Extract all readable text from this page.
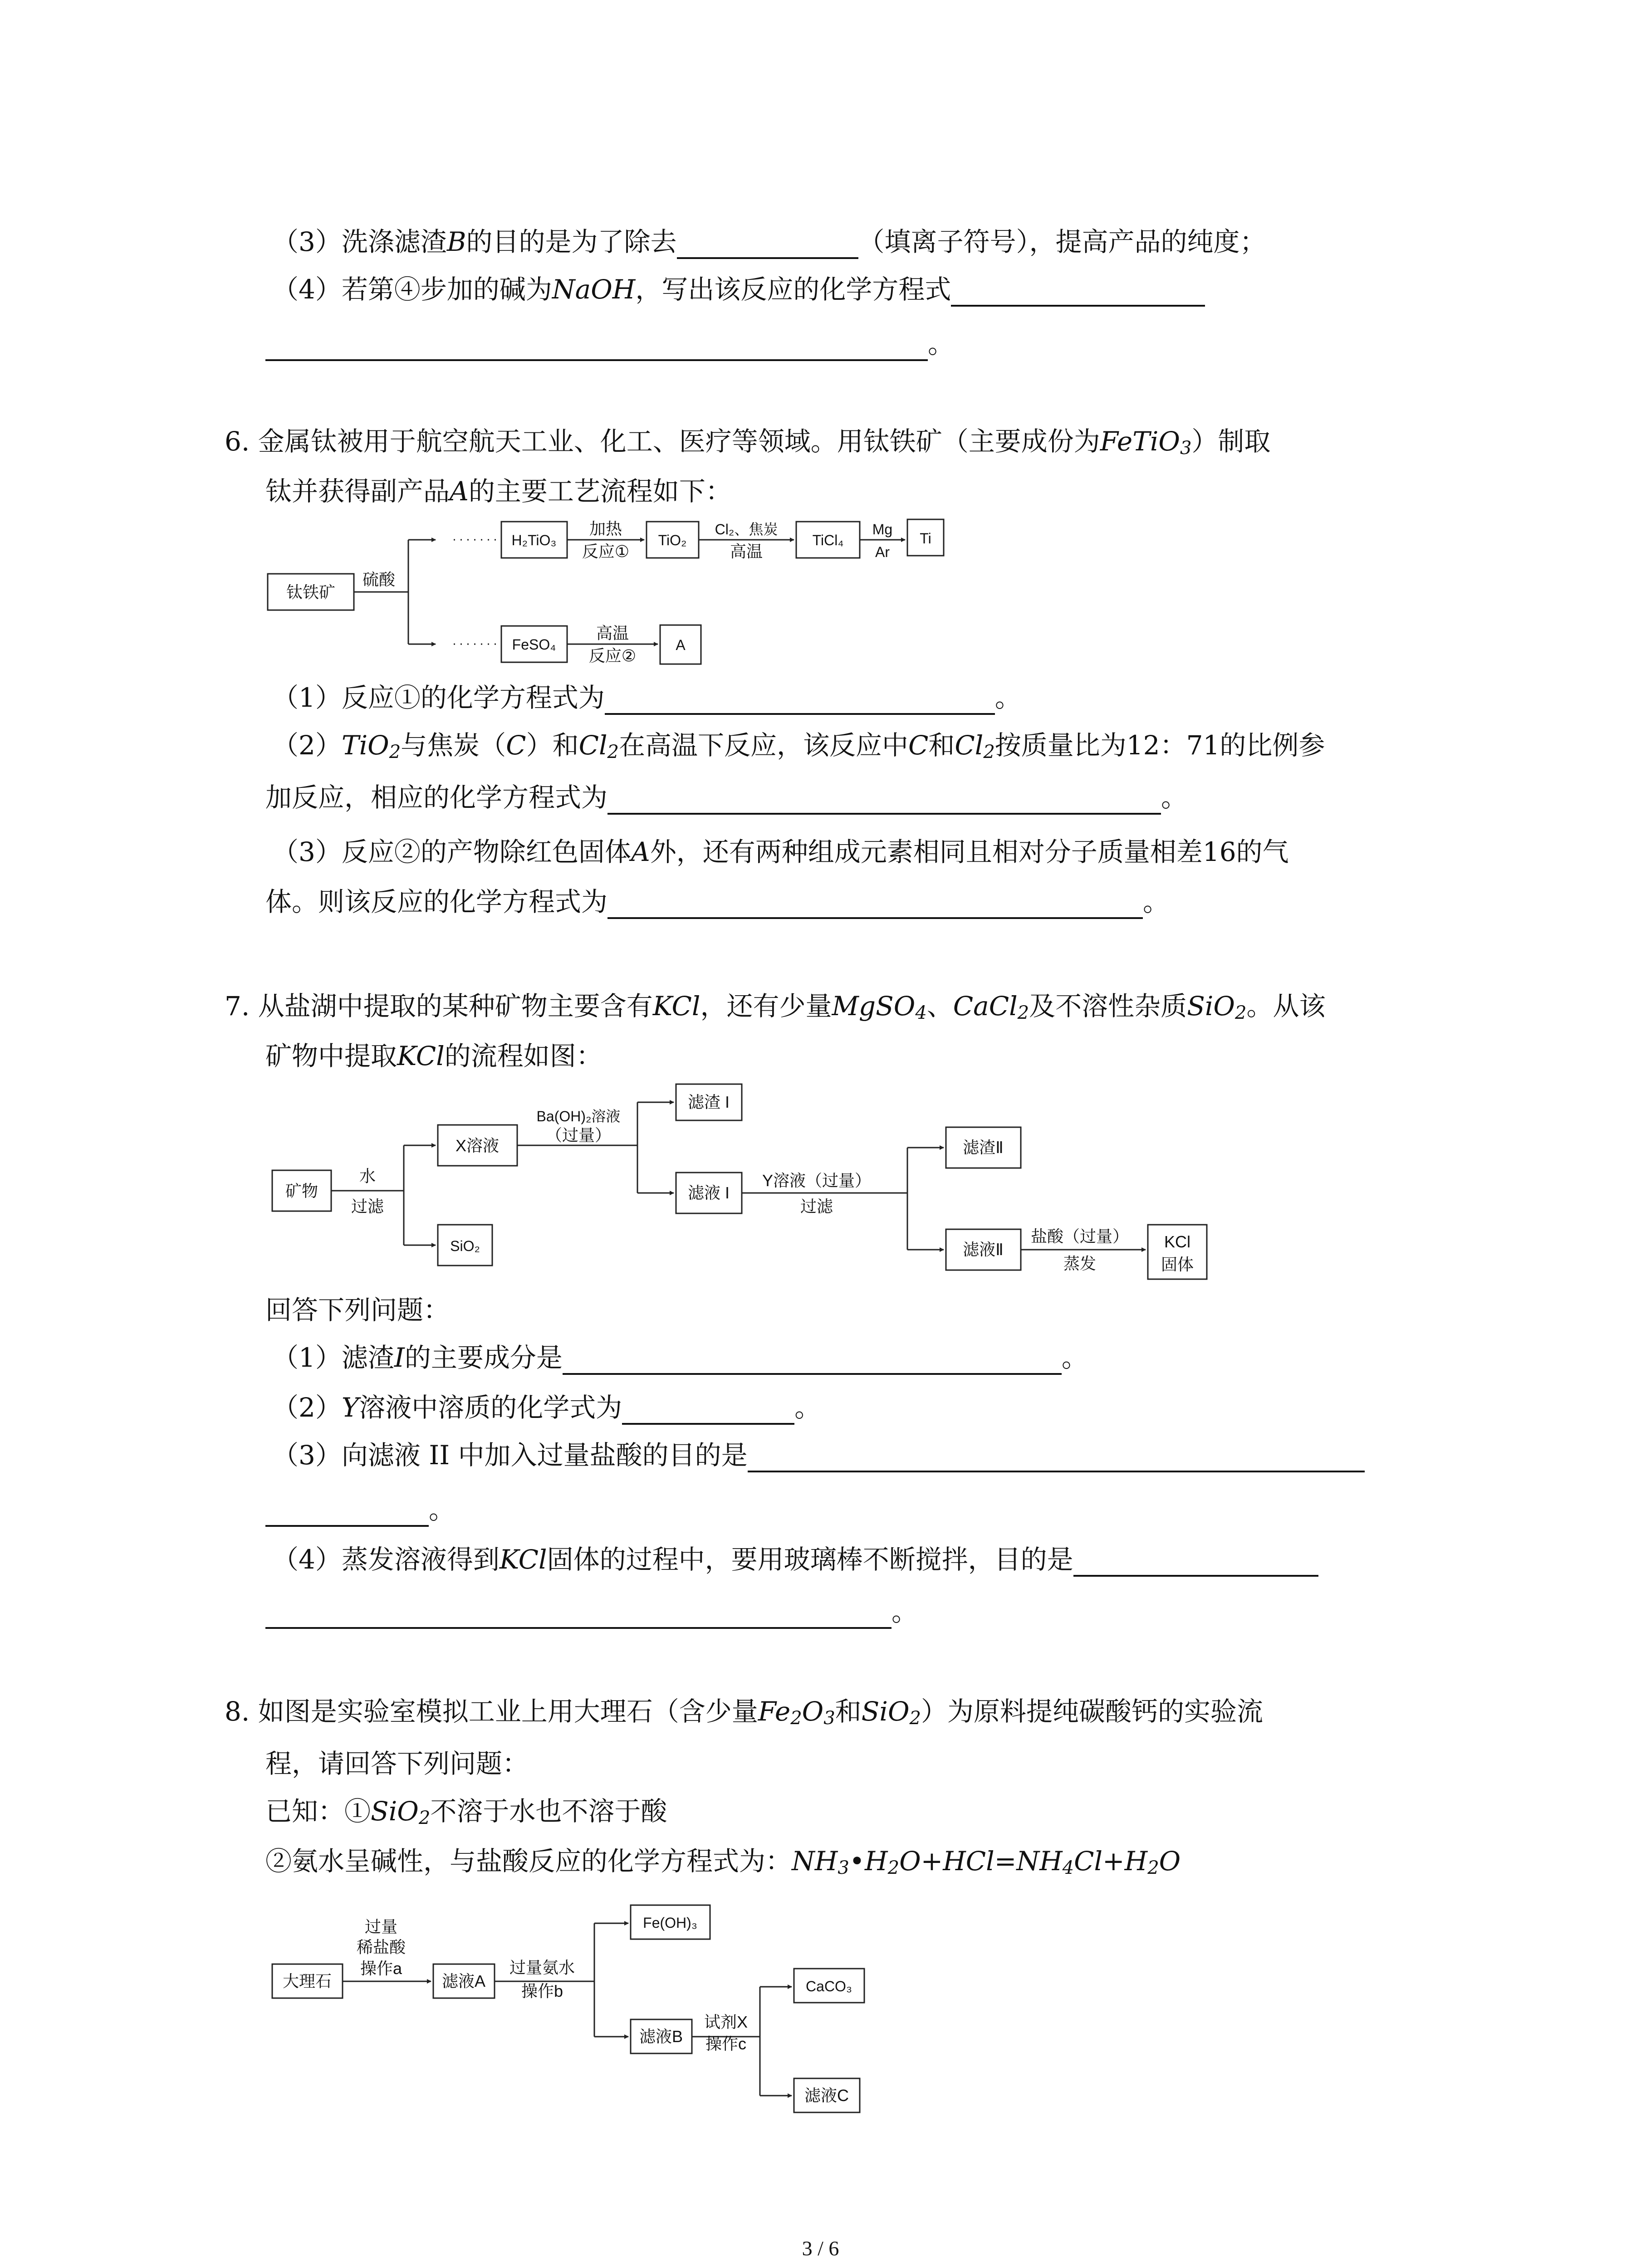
（3）洗涤滤渣B的目的是为了除去	（填离子符号），提高产品的纯度；
（4）若第④步加的碱为NaOH，写出该反应的化学方程式
。
6. 金属钛被用于航空航天工业、化工、医疗等领域。用钛铁矿（主要成份为FeTiO$_3$）制取
钛并获得副产品A的主要工艺流程如下：
钛铁矿
硫酸
H₂TiO₃
加热
反应①
TiO₂
Cl₂、焦炭
高温
TiCl₄
Mg
Ar
Ti
FeSO₄
高温
反应②
A
（1）反应①的化学方程式为	。
（2）TiO$_2$与焦炭（C）和$Cl_2$在高温下反应，该反应中C和$Cl_2$按质量比为12：71的比例参
加反应，相应的化学方程式为	。
（3）反应②的产物除红色固体A外，还有两种组成元素相同且相对分子质量相差16的气
体。则该反应的化学方程式为	。
7. 从盐湖中提取的某种矿物主要含有KCl，还有少量MgSO$_4$、CaCl$_2$及不溶性杂质SiO$_2$。从该
矿物中提取KCl的流程如图：
矿物
水
过滤
X溶液
SiO₂
Ba(OH)₂溶液
（过量）
滤渣 I
滤液 I
Y溶液（过量）
过滤
滤渣Ⅱ
滤液Ⅱ
盐酸（过量）
蒸发
KCl
固体
回答下列问题：
（1）滤渣I的主要成分是	。
（2）Y溶液中溶质的化学式为	。
（3）向滤液 II 中加入过量盐酸的目的是
。
（4）蒸发溶液得到KCl固体的过程中，要用玻璃棒不断搅拌，目的是
。
8. 如图是实验室模拟工业上用大理石（含少量$Fe_2O_3$和SiO$_2$）为原料提纯碳酸钙的实验流
程，请回答下列问题：
已知：①SiO$_2$不溶于水也不溶于酸
②氨水呈碱性，与盐酸反应的化学方程式为：$NH_3•H_2O+HCl=NH_4Cl+H_2O$
大理石
过量
稀盐酸
操作a
滤液A
过量氨水
操作b
Fe(OH)₃
滤液B
试剂X
操作c
CaCO₃
滤液C
3 / 6
